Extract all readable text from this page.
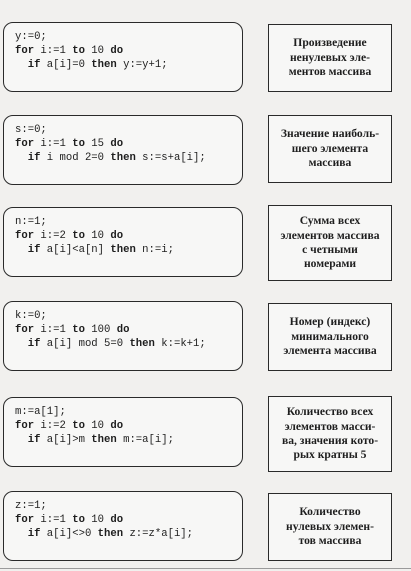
y:=0;
for i:=1 to 10 do
if a[i]=0 then y:=y+1;
Произведение
ненулевых эле-
ментов массива
s:=0;
for i:=1 to 15 do
if i mod 2=0 then s:=s+a[i];
Значение наиболь-
шего элемента
массива
n:=1;
for i:=2 to 10 do
if a[i]<a[n] then n:=i;
Сумма всех
элементов массива
с четными
номерами
k:=0;
for i:=1 to 100 do
if a[i] mod 5=0 then k:=k+1;
Номер (индекс)
минимального
элемента массива
m:=a[1];
for i:=2 to 10 do
if a[i]>m then m:=a[i];
Количество всех
элементов масси-
ва, значения кото-
рых кратны 5
z:=1;
for i:=1 to 10 do
if a[i]<>0 then z:=z*a[i];
Количество
нулевых элемен-
тов массива
